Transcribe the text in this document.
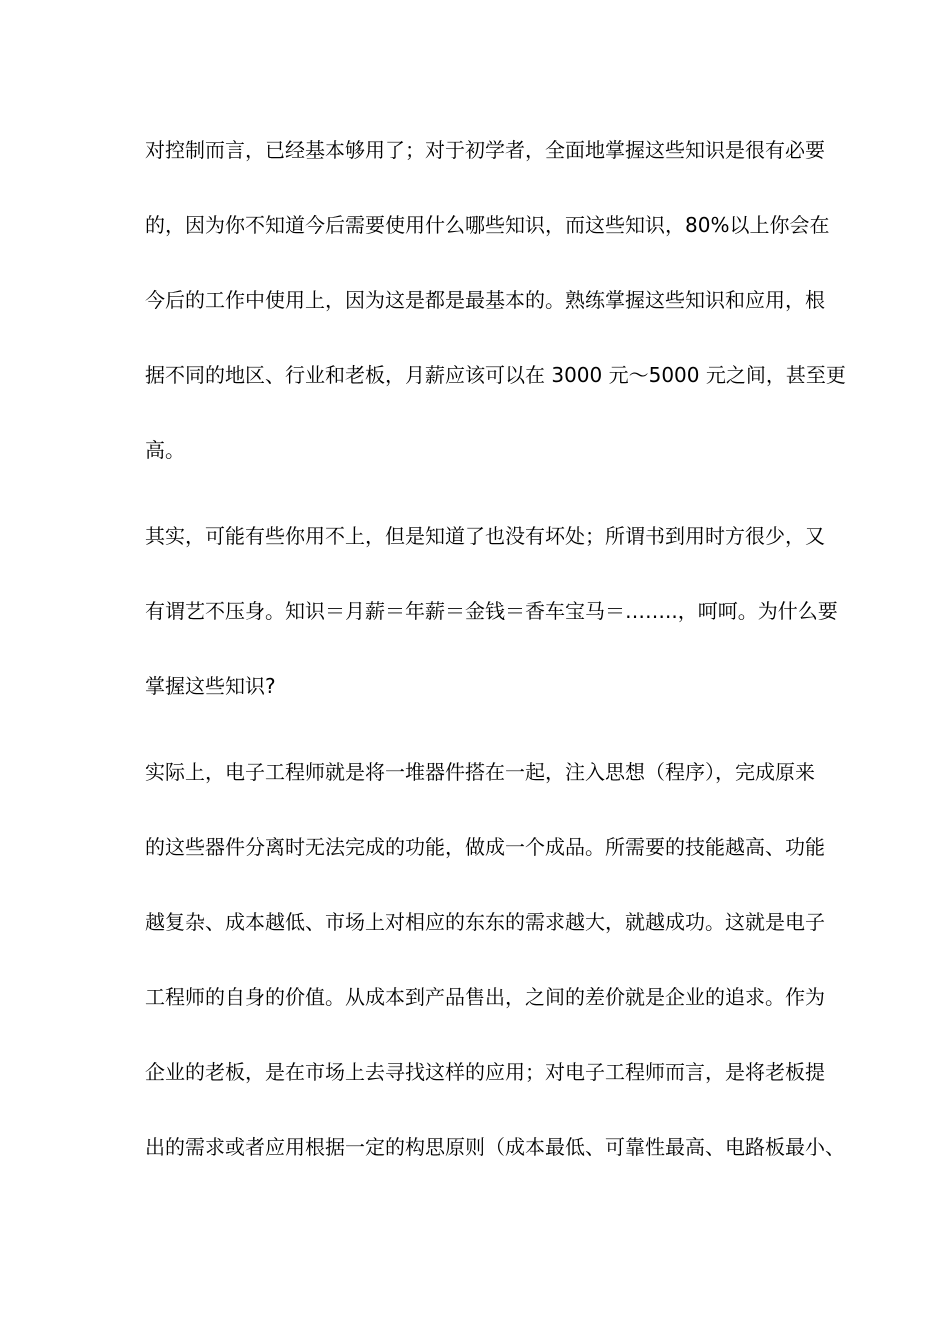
对控制而言，已经基本够用了；对于初学者，全面地掌握这些知识是很有必要
的，因为你不知道今后需要使用什么哪些知识，而这些知识，80%以上你会在
今后的工作中使用上，因为这是都是最基本的。熟练掌握这些知识和应用，根
据不同的地区、行业和老板，月薪应该可以在 3000 元～5000 元之间，甚至更
高。
其实，可能有些你用不上，但是知道了也没有坏处；所谓书到用时方很少，又
有谓艺不压身。知识＝月薪＝年薪＝金钱＝香车宝马＝……..，呵呵。为什么要
掌握这些知识?
实际上，电子工程师就是将一堆器件搭在一起，注入思想（程序），完成原来
的这些器件分离时无法完成的功能，做成一个成品。所需要的技能越高、功能
越复杂、成本越低、市场上对相应的东东的需求越大，就越成功。这就是电子
工程师的自身的价值。从成本到产品售出，之间的差价就是企业的追求。作为
企业的老板，是在市场上去寻找这样的应用；对电子工程师而言，是将老板提
出的需求或者应用根据一定的构思原则（成本最低、可靠性最高、电路板最小、
